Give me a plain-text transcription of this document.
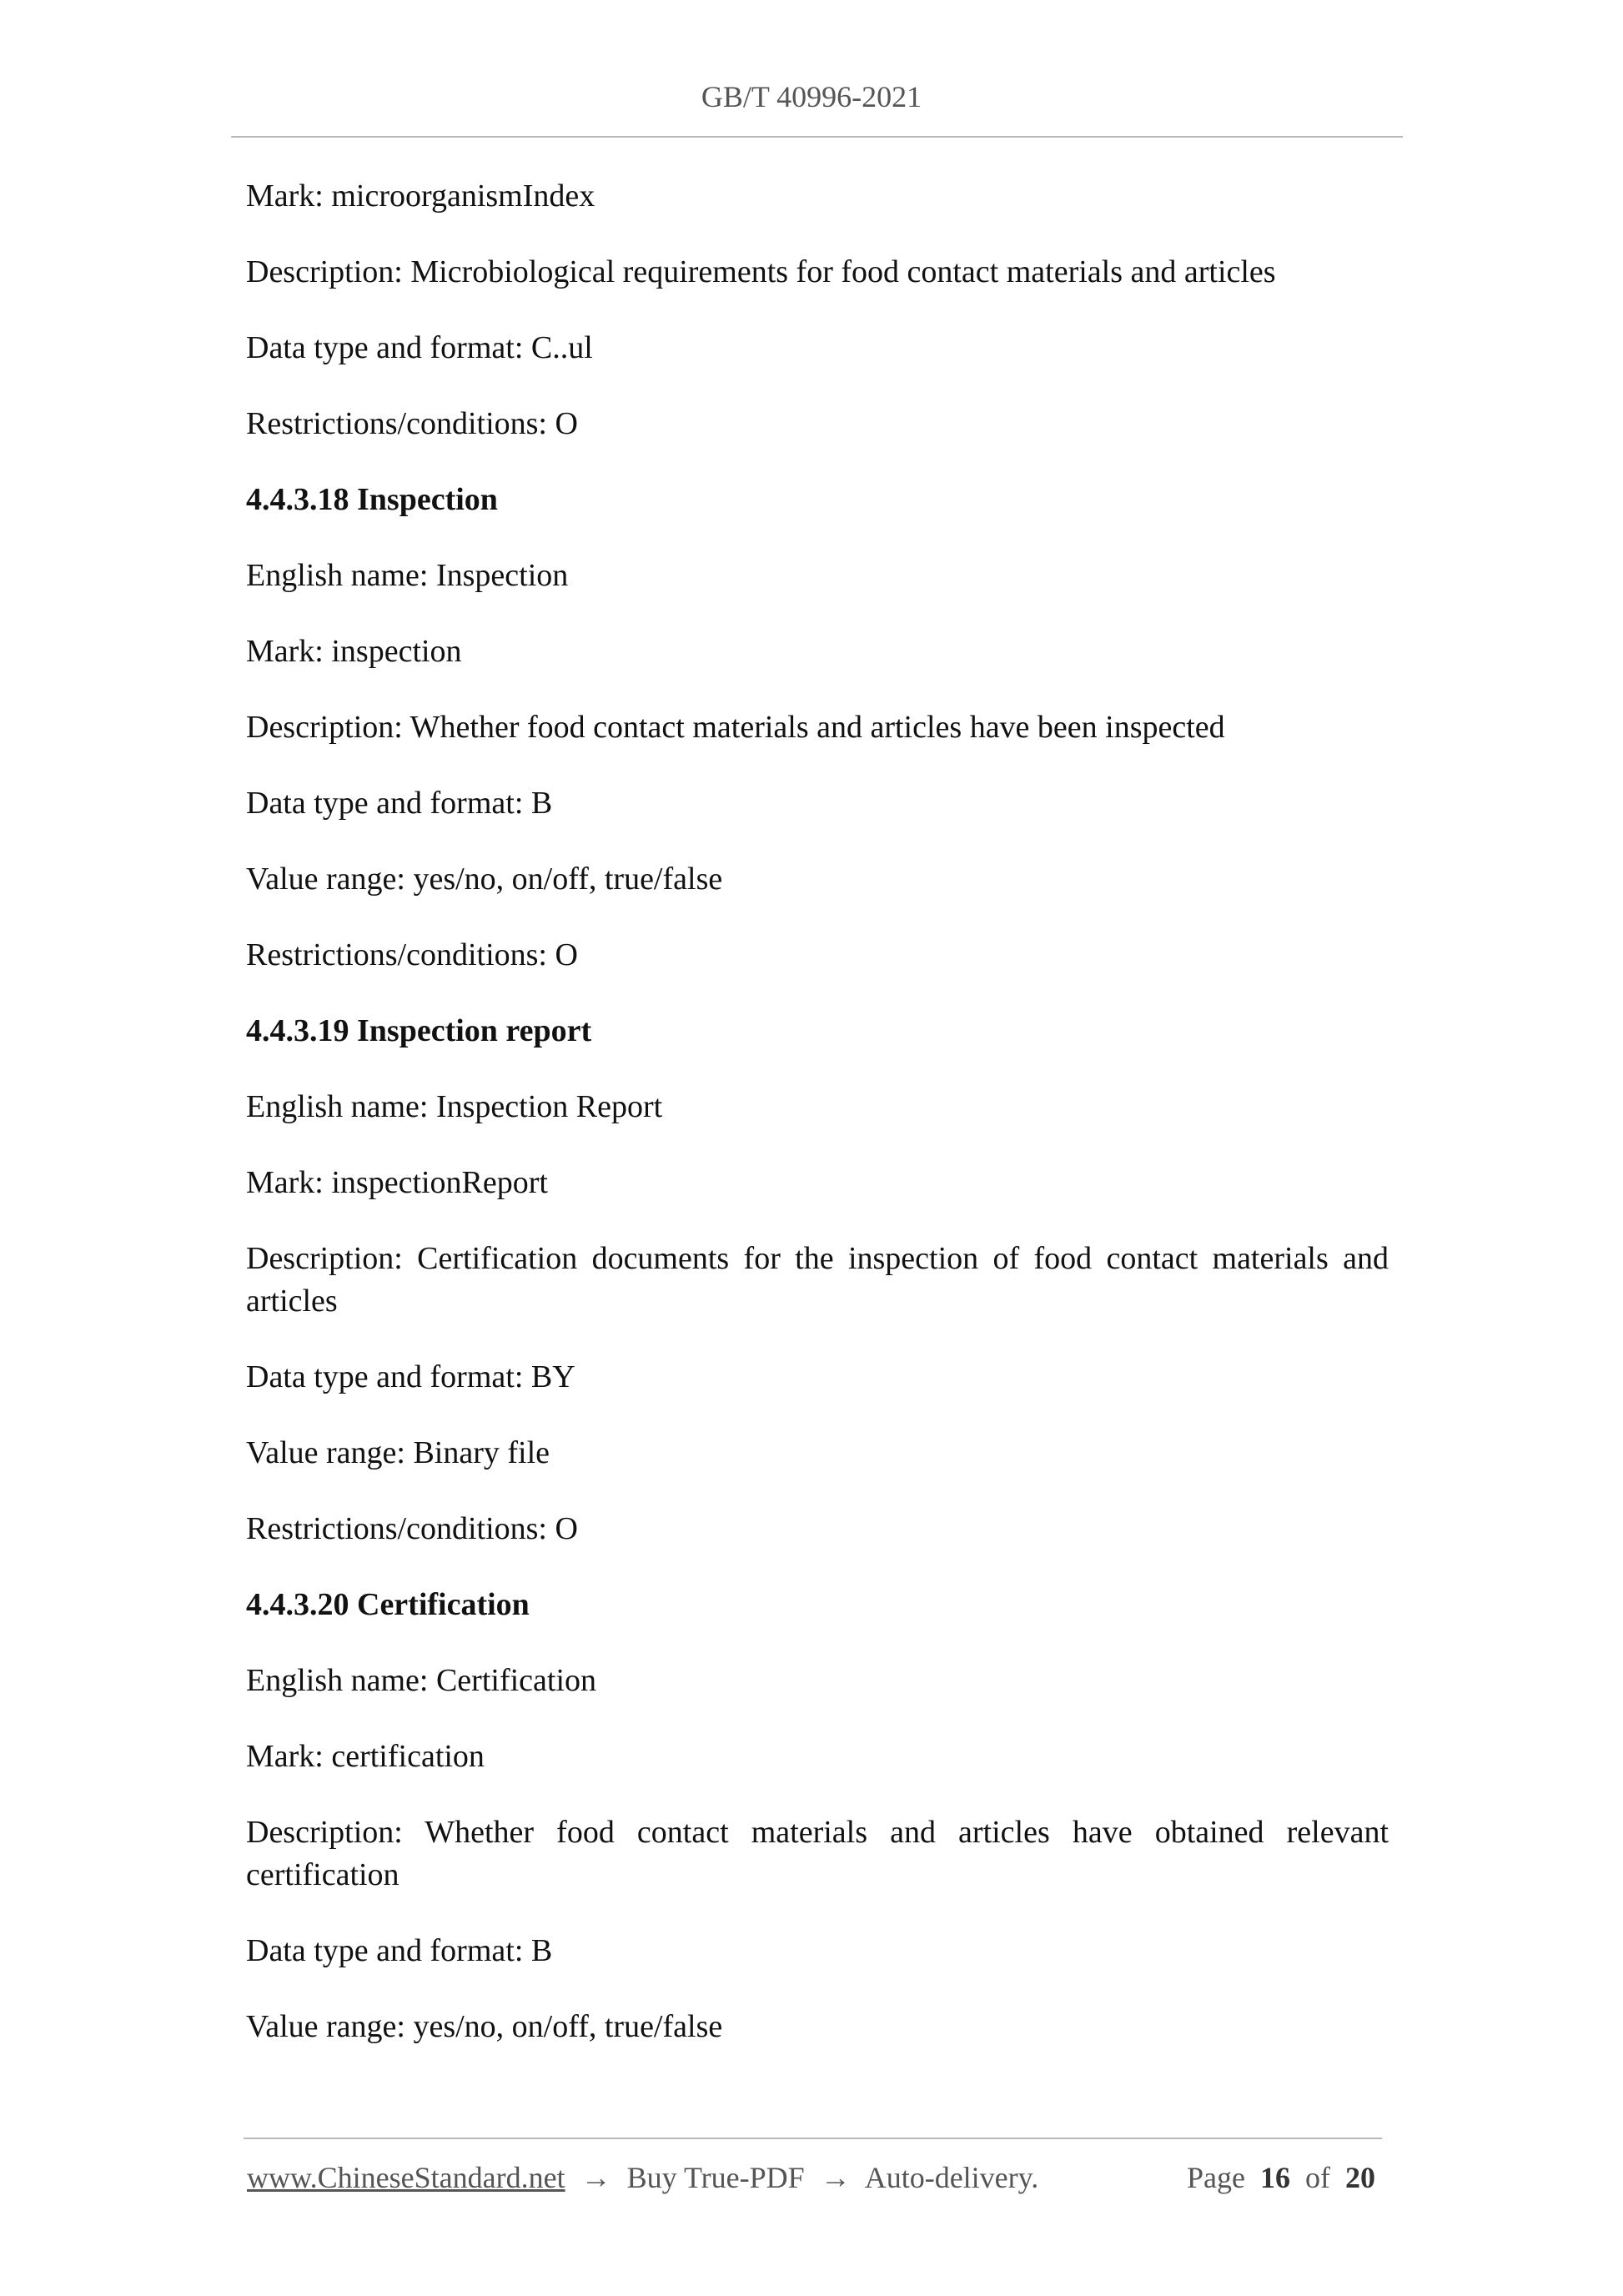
GB/T 40996-2021

Mark: microorganismIndex

Description: Microbiological requirements for food contact materials and articles

Data type and format: C..ul

Restrictions/conditions: O

4.4.3.18 Inspection

English name: Inspection

Mark: inspection

Description: Whether food contact materials and articles have been inspected

Data type and format: B

Value range: yes/no, on/off, true/false

Restrictions/conditions: O

4.4.3.19 Inspection report

English name: Inspection Report

Mark: inspectionReport

Description: Certification documents for the inspection of food contact materials and articles

Data type and format: BY

Value range: Binary file

Restrictions/conditions: O

4.4.3.20 Certification

English name: Certification

Mark: certification

Description: Whether food contact materials and articles have obtained relevant certification

Data type and format: B

Value range: yes/no, on/off, true/false

www.ChineseStandard.net → Buy True-PDF → Auto-delivery.	Page 16 of 20
